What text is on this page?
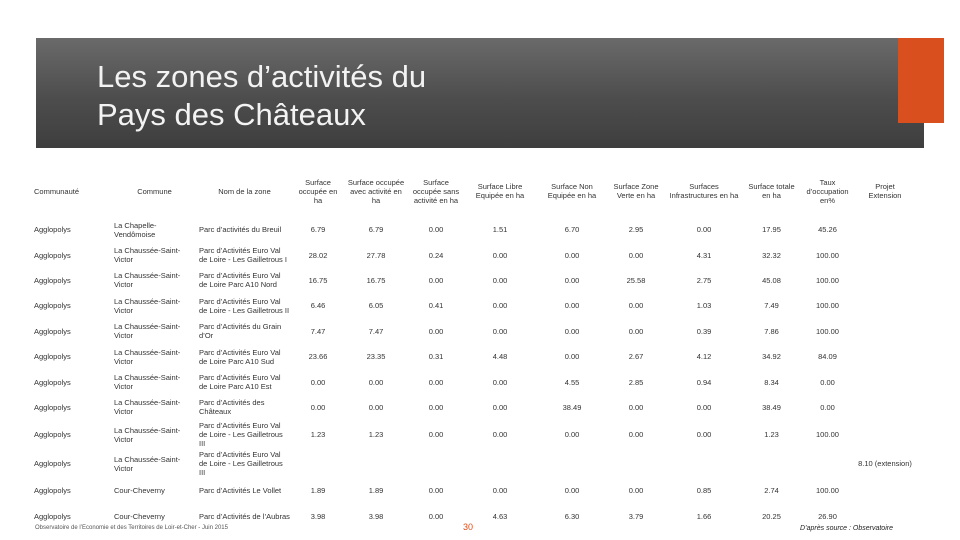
Les zones d’activités du
Pays des Châteaux
Communauté	Commune	Nom de la zone	Surface occupée en ha	Surface occupée avec activité en ha	Surface occupée sans activité en ha	Surface Libre Equipée en ha	Surface Non Equipée en ha	Surface Zone Verte en ha	Surfaces Infrastructures en ha	Surface totale en ha	Taux d’occupation en%	Projet Extension
Agglopolys	La Chapelle-Vendômoise	Parc d’activités du Breuil	6.79	6.79	0.00	1.51	6.70	2.95	0.00	17.95	45.26	
Agglopolys	La Chaussée-Saint-Victor	Parc d’Activités Euro Val de Loire - Les Gailletrous I	28.02	27.78	0.24	0.00	0.00	0.00	4.31	32.32	100.00	
Agglopolys	La Chaussée-Saint-Victor	Parc d’Activités Euro Val de Loire Parc A10 Nord	16.75	16.75	0.00	0.00	0.00	25.58	2.75	45.08	100.00	
Agglopolys	La Chaussée-Saint-Victor	Parc d’Activités Euro Val de Loire - Les Gailletrous II	6.46	6.05	0.41	0.00	0.00	0.00	1.03	7.49	100.00	
Agglopolys	La Chaussée-Saint-Victor	Parc d’Activités du Grain d’Or	7.47	7.47	0.00	0.00	0.00	0.00	0.39	7.86	100.00	
Agglopolys	La Chaussée-Saint-Victor	Parc d’Activités Euro Val de Loire Parc A10 Sud	23.66	23.35	0.31	4.48	0.00	2.67	4.12	34.92	84.09	
Agglopolys	La Chaussée-Saint-Victor	Parc d’Activités Euro Val de Loire Parc A10 Est	0.00	0.00	0.00	0.00	4.55	2.85	0.94	8.34	0.00	
Agglopolys	La Chaussée-Saint-Victor	Parc d’Activités des Châteaux	0.00	0.00	0.00	0.00	38.49	0.00	0.00	38.49	0.00	
Agglopolys	La Chaussée-Saint-Victor	Parc d’Activités Euro Val de Loire - Les Gailletrous III	1.23	1.23	0.00	0.00	0.00	0.00	0.00	1.23	100.00	
Agglopolys	La Chaussée-Saint-Victor	Parc d’Activités Euro Val de Loire - Les Gailletrous III										8.10 (extension)
Agglopolys	Cour-Cheverny	Parc d’Activités Le Vollet	1.89	1.89	0.00	0.00	0.00	0.00	0.85	2.74	100.00	
Agglopolys	Cour-Cheverny	Parc d’Activités de l’Aubras	3.98	3.98	0.00	4.63	6.30	3.79	1.66	20.25	26.90	
Observatoire de l’Economie et des Territoires de Loir-et-Cher - Juin 2015	30	D’après source : Observatoire
